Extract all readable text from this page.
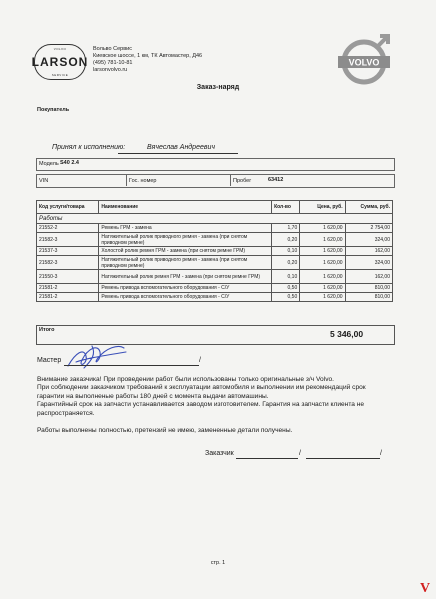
VOLVO
LARSON
SERVICE
Вольво Сервис
Киевское шоссе, 1 км, ТК Автомастер, Д46
(495) 781-10-81
larsonvolvo.ru
VOLVO
Заказ-наряд
Покупатель
Принял к исполнению:	Вячеслав Андреевич
Модель S40 2.4
VIN	Гос. номер	Пробег	63412
Код услуги/товара	Наименование	Кол-во	Цена, руб.	Сумма, руб.
Работы				
21552-2	Ремень ГРМ - замена	1,70	1 620,00	2 754,00
21582-3	Натяжительный ролик приводного ремня - замена (при снятом приводном ремне)	0,20	1 620,00	324,00
21537-3	Холостой ролик ремня ГРМ - замена (при снятом ремне ГРМ)	0,10	1 620,00	162,00
21582-3	Натяжительный ролик приводного ремня - замена (при снятом приводном ремне)	0,20	1 620,00	324,00
21550-3	Натяжительный ролик ремня ГРМ - замена (при снятом ремне ГРМ)	0,10	1 620,00	162,00
21581-2	Ремень привода вспомогательного оборудования - C/У	0,50	1 620,00	810,00
21581-2	Ремень привода вспомогательного оборудования - C/У	0,50	1 620,00	810,00
Итого	5 346,00
Мастер	/
Внимание заказчика! При проведении работ были использованы только оригинальные з/ч Volvo.
При соблюдении заказчиком требований к эксплуатации автомобиля и выполнении им рекомендаций срок
гарантии на выполненые работы 180 дней с момента выдачи автомашины.
Гарантийный срок на запчасти устанавливается заводом изготовителем. Гарантия на запчасти клиента не
распространяется.
Работы выполнены полностью, претензий не имею, замененные детали получены.
Заказчик	/	/
стр. 1
V
